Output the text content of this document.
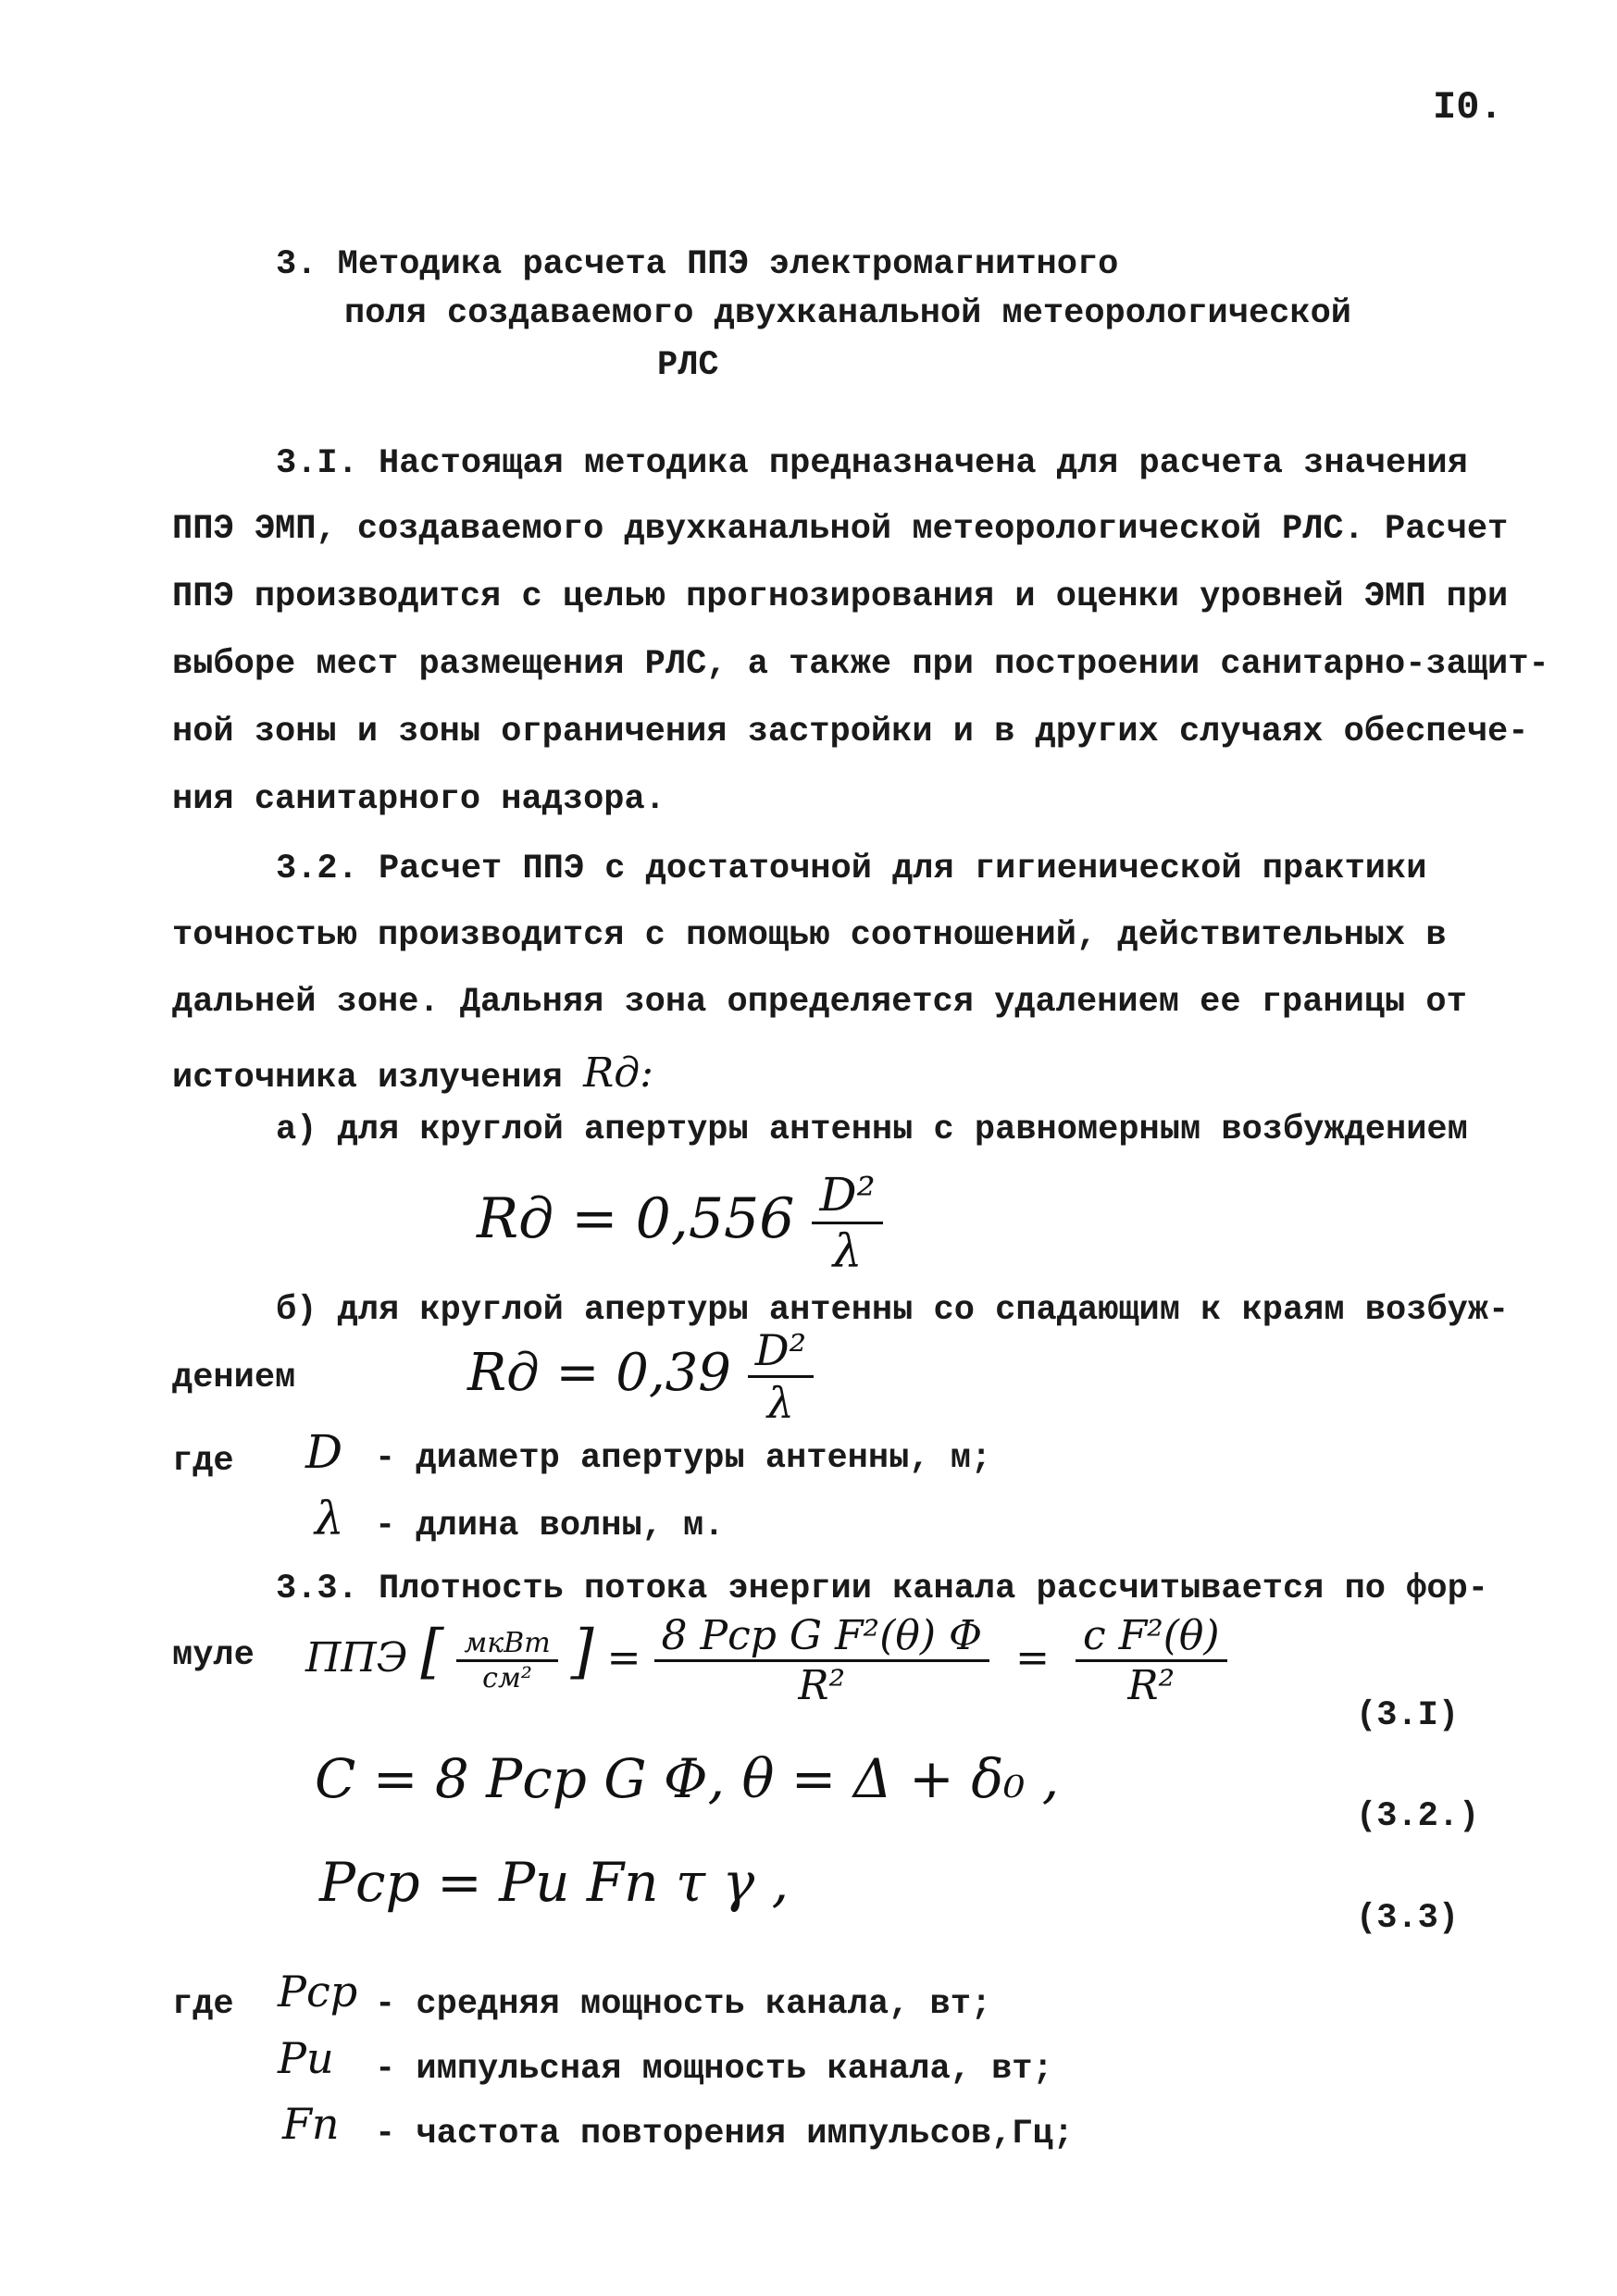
I0.
3. Методика расчета ППЭ электромагнитного
поля создаваемого двухканальной метеорологической
РЛС
3.I. Настоящая методика предназначена для расчета значения
ППЭ ЭМП, создаваемого двухканальной метеорологической РЛС. Расчет
ППЭ производится с целью прогнозирования и оценки уровней ЭМП при
выборе мест размещения РЛС, а также при построении санитарно-защит-
ной зоны и зоны ограничения застройки и в других случаях обеспече-
ния санитарного надзора.
3.2. Расчет ППЭ с достаточной для гигиенической практики
точностью производится с помощью соотношений, действительных в
дальней зоне. Дальняя зона определяется удалением ее границы от
источника излучения Rд:
а) для круглой апертуры антенны с равномерным возбуждением
Rд = $0,556 \frac{\text{D²}}{\lambda}$
б) для круглой апертуры антенны со спадающим к краям возбуж-
дением	Rд = $0,39 \frac{\text{D²}}{\lambda}$
где D - диаметр апертуры антенны, м;
λ - длина волны, м.
3.3. Плотность потока энергии канала рассчитывается по фор-
муле ППЭ [ $\frac{\text{мкВт}}{\text{см²}}$ ] = $\frac{\text{8 Pср G F²(θ) Φ}}{\text{R²}} = \frac{\text{c F²(θ)}}{\text{R²}}$
(3.I)
C = 8 Pср G Φ, θ = Δ + δ₀ ,
(3.2.)
Pср = Pи Fn τ γ ,
(3.3)
где Pср - средняя мощность канала, вт;
Pи - импульсная мощность канала, вт;
Fn - частота повторения импульсов,Гц;
